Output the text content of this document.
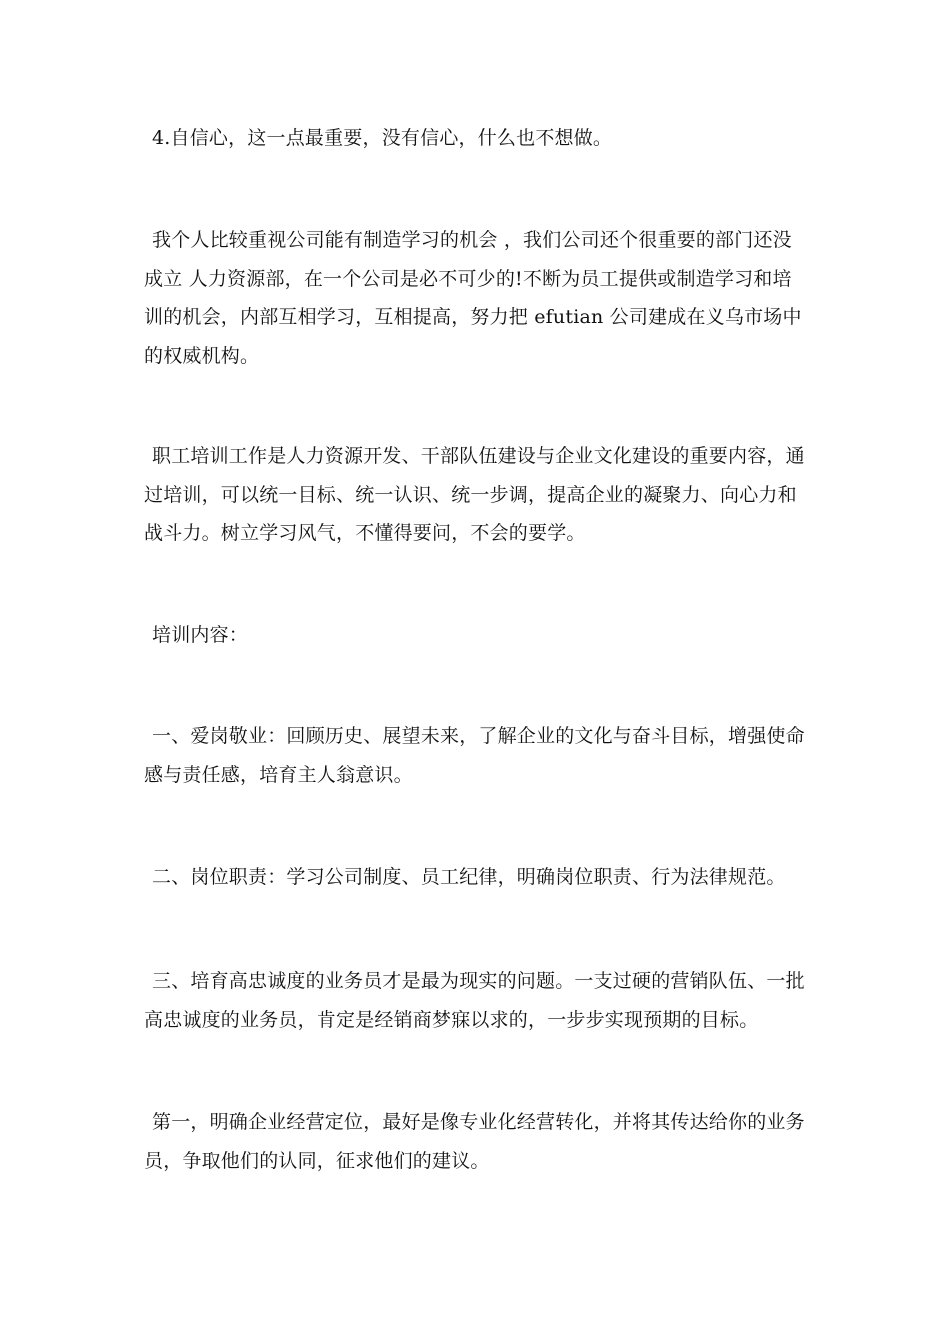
4.自信心，这一点最重要，没有信心，什么也不想做。

我个人比较重视公司能有制造学习的机会 ，我们公司还个很重要的部门还没
成立 人力资源部，在一个公司是必不可少的!不断为员工提供或制造学习和培
训的机会，内部互相学习，互相提高，努力把 efutian 公司建成在义乌市场中
的权威机构。

职工培训工作是人力资源开发、干部队伍建设与企业文化建设的重要内容，通
过培训，可以统一目标、统一认识、统一步调，提高企业的凝聚力、向心力和
战斗力。树立学习风气，不懂得要问，不会的要学。

培训内容：

一、爱岗敬业：回顾历史、展望未来，了解企业的文化与奋斗目标，增强使命
感与责任感，培育主人翁意识。

二、岗位职责：学习公司制度、员工纪律，明确岗位职责、行为法律规范。

三、培育高忠诚度的业务员才是最为现实的问题。一支过硬的营销队伍、一批
高忠诚度的业务员，肯定是经销商梦寐以求的，一步步实现预期的目标。

第一，明确企业经营定位，最好是像专业化经营转化，并将其传达给你的业务
员，争取他们的认同，征求他们的建议。
